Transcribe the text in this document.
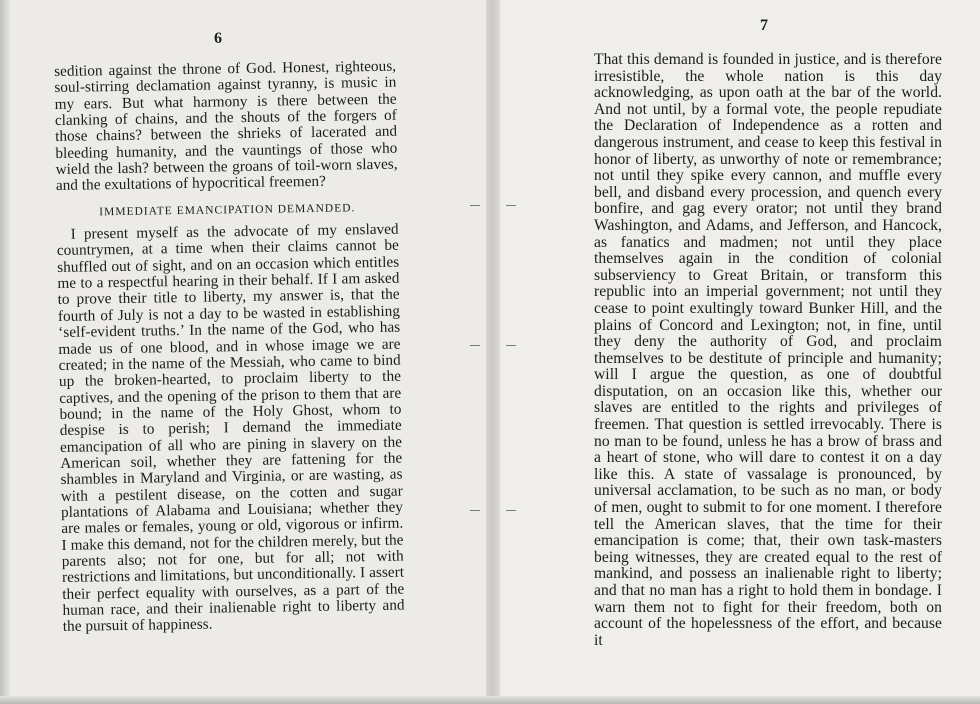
6

sedition against the throne of God. Honest, righteous, soul-stirring declamation against tyranny, is music in my ears. But what harmony is there between the clanking of chains, and the shouts of the forgers of those chains? between the shrieks of lacerated and bleeding humanity, and the vauntings of those who wield the lash? between the groans of toil-worn slaves, and the exultations of hypocritical freemen?

IMMEDIATE EMANCIPATION DEMANDED.

I present myself as the advocate of my enslaved countrymen, at a time when their claims cannot be shuffled out of sight, and on an occasion which entitles me to a respectful hearing in their behalf. If I am asked to prove their title to liberty, my answer is, that the fourth of July is not a day to be wasted in establishing ‘self-evident truths.’ In the name of the God, who has made us of one blood, and in whose image we are created; in the name of the Messiah, who came to bind up the broken-hearted, to proclaim liberty to the captives, and the opening of the prison to them that are bound; in the name of the Holy Ghost, whom to despise is to perish; I demand the immediate emancipation of all who are pining in slavery on the American soil, whether they are fattening for the shambles in Maryland and Virginia, or are wasting, as with a pestilent disease, on the cotten and sugar plantations of Alabama and Louisiana; whether they are males or females, young or old, vigorous or infirm. I make this demand, not for the children merely, but the parents also; not for one, but for all; not with restrictions and limitations, but unconditionally. I assert their perfect equality with ourselves, as a part of the human race, and their inalienable right to liberty and the pursuit of happiness.

7

That this demand is founded in justice, and is therefore irresistible, the whole nation is this day acknowledging, as upon oath at the bar of the world. And not until, by a formal vote, the people repudiate the Declaration of Independence as a rotten and dangerous instrument, and cease to keep this festival in honor of liberty, as unworthy of note or remembrance; not until they spike every cannon, and muffle every bell, and disband every procession, and quench every bonfire, and gag every orator; not until they brand Washington, and Adams, and Jefferson, and Hancock, as fanatics and madmen; not until they place themselves again in the condition of colonial subserviency to Great Britain, or transform this republic into an imperial government; not until they cease to point exultingly toward Bunker Hill, and the plains of Concord and Lexington; not, in fine, until they deny the authority of God, and proclaim themselves to be destitute of principle and humanity; will I argue the question, as one of doubtful disputation, on an occasion like this, whether our slaves are entitled to the rights and privileges of freemen. That question is settled irrevocably. There is no man to be found, unless he has a brow of brass and a heart of stone, who will dare to contest it on a day like this. A state of vassalage is pronounced, by universal acclamation, to be such as no man, or body of men, ought to submit to for one moment. I therefore tell the American slaves, that the time for their emancipation is come; that, their own task-masters being witnesses, they are created equal to the rest of mankind, and possess an inalienable right to liberty; and that no man has a right to hold them in bondage. I warn them not to fight for their freedom, both on account of the hopelessness of the effort, and because it
